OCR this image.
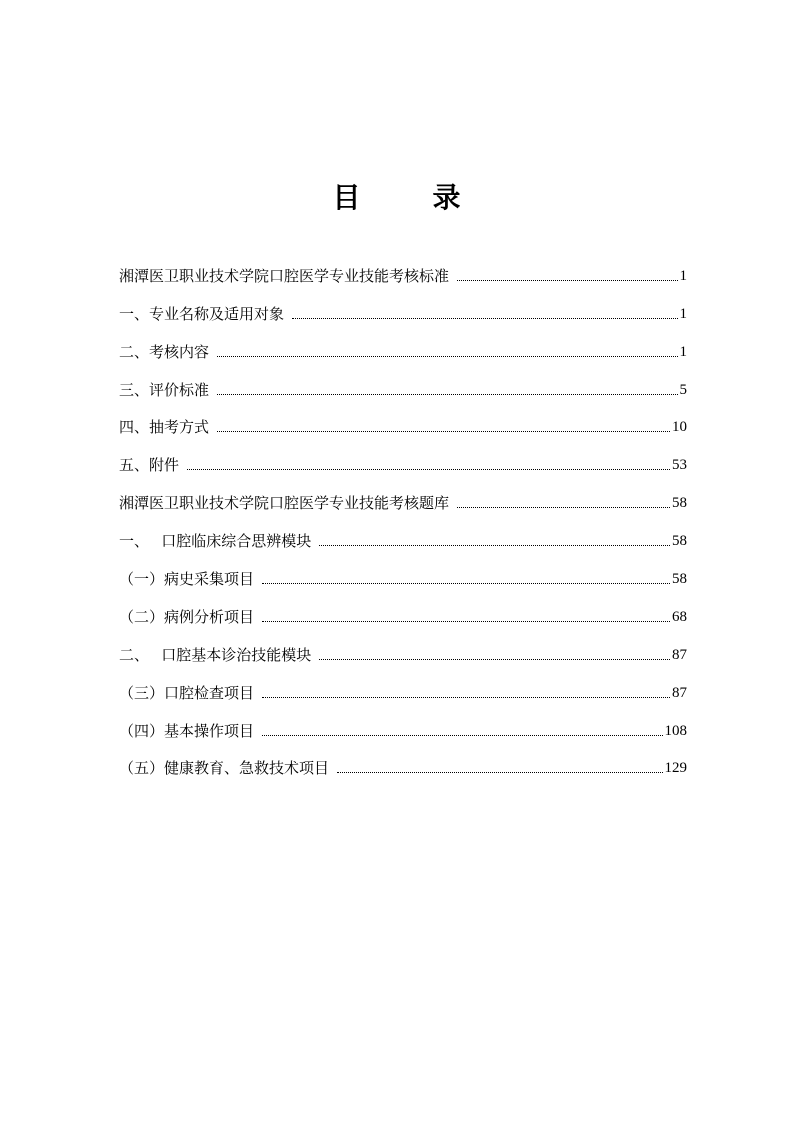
目　录
湘潭医卫职业技术学院口腔医学专业技能考核标准	1
一、专业名称及适用对象	1
二、考核内容	1
三、评价标准	5
四、抽考方式	10
五、附件	53
湘潭医卫职业技术学院口腔医学专业技能考核题库	58
一、　 口腔临床综合思辨模块	58
（一）病史采集项目	58
（二）病例分析项目	68
二、　 口腔基本诊治技能模块	87
（三）口腔检查项目	87
（四）基本操作项目	108
（五）健康教育、急救技术项目	129
